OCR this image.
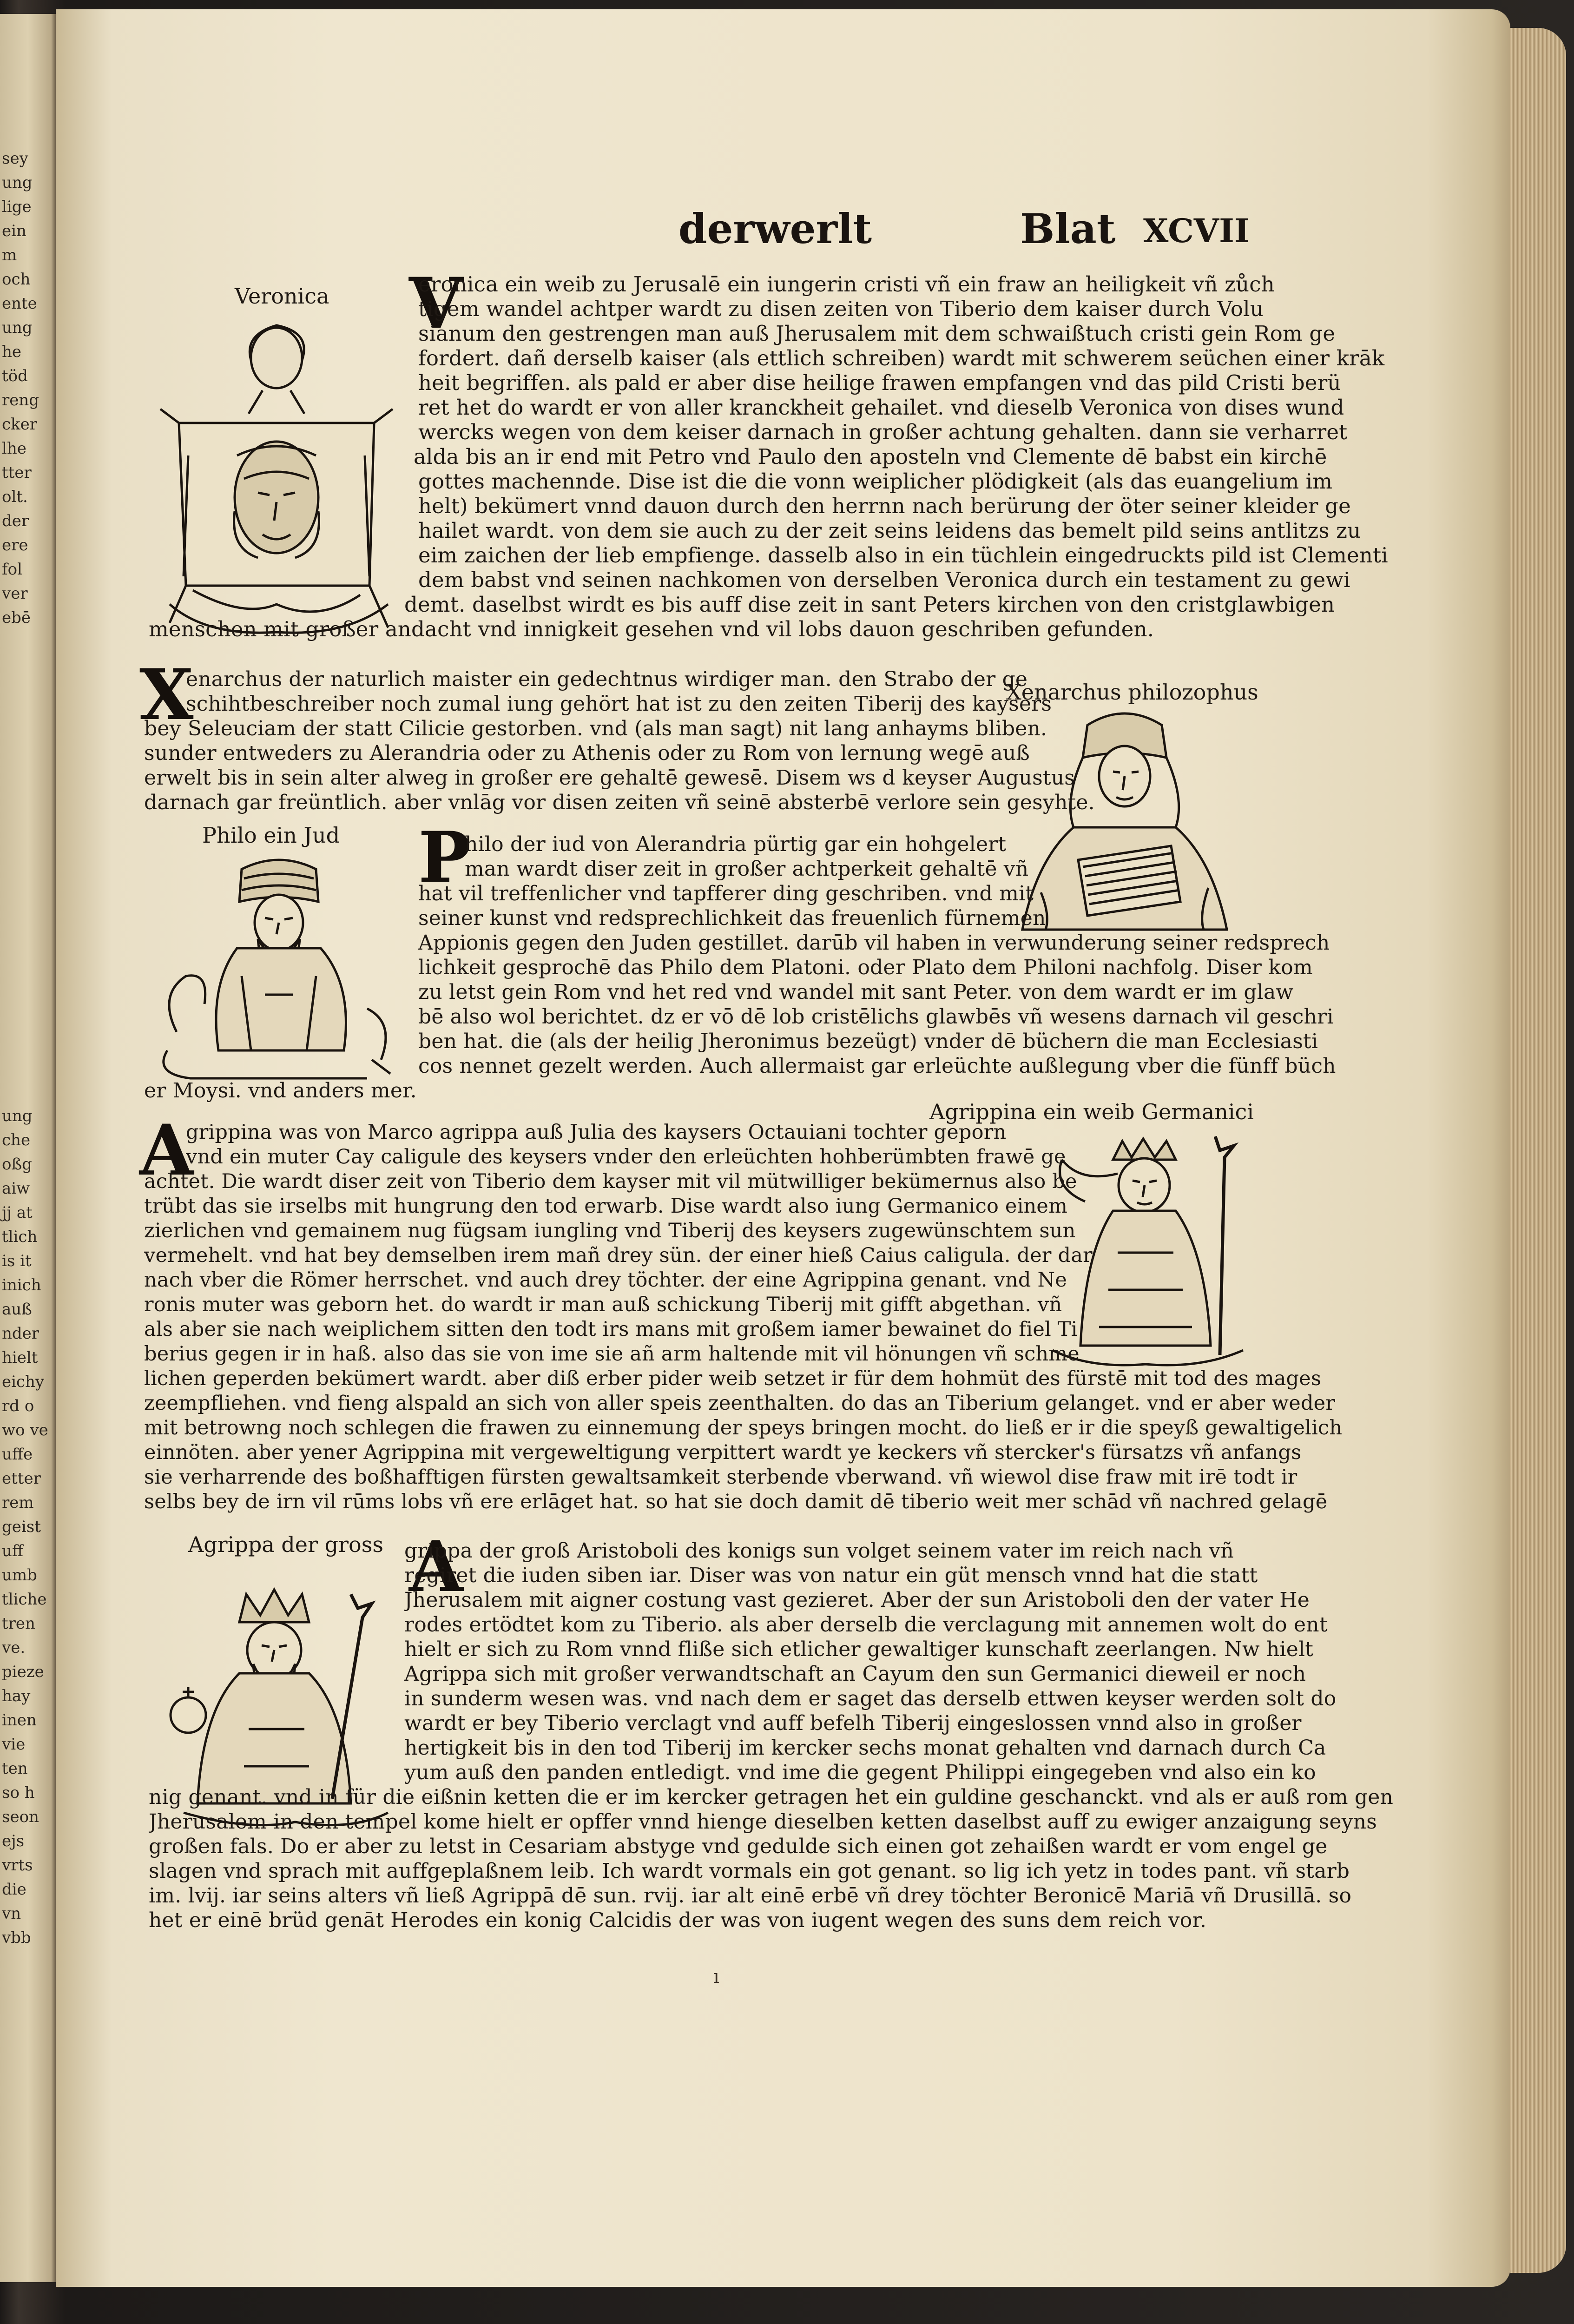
sey
ung
lige
ein
m
och
ente
ung
he
töd
reng
cker
lhe
tter
olt.
der
ere
fol
ver
ebē
ung
che
oßg
aiw
jj at
tlich
is it
inich
auß
nder
hielt
eichy
rd o
wo ve
uffe
etter
rem
geist
uff
umb
tliche
tren
ve.
pieze
hay
inen
vie
ten
so h
seon
ejs
vrts
die
vn
vbb
derwerlt	Blat XCVII
Veronica
Xenarchus philozophus
Philo ein Jud
Agrippina ein weib Germanici
Agrippa der gross
V
X
P
A
A
eronica ein weib zu Jerusalē ein iungerin cristi vñ ein fraw an heiligkeit vñ zůch
tigem wandel achtper wardt zu disen zeiten von Tiberio dem kaiser durch Volu
sianum den gestrengen man auß Jherusalem mit dem schwaißtuch cristi gein Rom ge
fordert. dañ derselb kaiser (als ettlich schreiben) wardt mit schwerem seüchen einer krāk
heit begriffen. als pald er aber dise heilige frawen empfangen vnd das pild Cristi berü
ret het do wardt er von aller kranckheit gehailet. vnd dieselb Veronica von dises wund
wercks wegen von dem keiser darnach in großer achtung gehalten. dann sie verharret
alda bis an ir end mit Petro vnd Paulo den aposteln vnd Clemente dē babst ein kirchē
gottes machennde. Dise ist die die vonn weiplicher plödigkeit (als das euangelium im
helt) bekümert vnnd dauon durch den herrnn nach berürung der öter seiner kleider ge
hailet wardt. von dem sie auch zu der zeit seins leidens das bemelt pild seins antlitzs zu
eim zaichen der lieb empfienge. dasselb also in ein tüchlein eingedruckts pild ist Clementi
dem babst vnd seinen nachkomen von derselben Veronica durch ein testament zu gewi
demt. daselbst wirdt es bis auff dise zeit in sant Peters kirchen von den cristglawbigen
menschen mit großer andacht vnd innigkeit gesehen vnd vil lobs dauon geschriben gefunden.
enarchus der naturlich maister ein gedechtnus wirdiger man. den Strabo der ge
schihtbeschreiber noch zumal iung gehört hat ist zu den zeiten Tiberij des kaysers
bey Seleuciam der statt Cilicie gestorben. vnd (als man sagt) nit lang anhayms bliben.
sunder entweders zu Alerandria oder zu Athenis oder zu Rom von lernung wegē auß
erwelt bis in sein alter alweg in großer ere gehaltē gewesē. Disem ws d keyser Augustus
darnach gar freüntlich. aber vnlāg vor disen zeiten vñ seinē absterbē verlore sein gesyhte.
hilo der iud von Alerandria pürtig gar ein hohgelert
man wardt diser zeit in großer achtperkeit gehaltē vñ
hat vil treffenlicher vnd tapfferer ding geschriben. vnd mit
seiner kunst vnd redsprechlichkeit das freuenlich fürnemen
Appionis gegen den Juden gestillet. darūb vil haben in verwunderung seiner redsprech
lichkeit gesprochē das Philo dem Platoni. oder Plato dem Philoni nachfolg. Diser kom
zu letst gein Rom vnd het red vnd wandel mit sant Peter. von dem wardt er im glaw
bē also wol berichtet. dz er vō dē lob cristēlichs glawbēs vñ wesens darnach vil geschri
ben hat. die (als der heilig Jheronimus bezeügt) vnder dē büchern die man Ecclesiasti
cos nennet gezelt werden. Auch allermaist gar erleüchte außlegung vber die fünff büch
er Moysi. vnd anders mer.
grippina was von Marco agrippa auß Julia des kaysers Octauiani tochter geporn
vnd ein muter Cay caligule des keysers vnder den erleüchten hohberümbten frawē ge
achtet. Die wardt diser zeit von Tiberio dem kayser mit vil mütwilliger bekümernus also be
trübt das sie irselbs mit hungrung den tod erwarb. Dise wardt also iung Germanico einem
zierlichen vnd gemainem nug fügsam iungling vnd Tiberij des keysers zugewünschtem sun
vermehelt. vnd hat bey demselben irem mañ drey sün. der einer hieß Caius caligula. der dar
nach vber die Römer herrschet. vnd auch drey töchter. der eine Agrippina genant. vnd Ne
ronis muter was geborn het. do wardt ir man auß schickung Tiberij mit gifft abgethan. vñ
als aber sie nach weiplichem sitten den todt irs mans mit großem iamer bewainet do fiel Ti
berius gegen ir in haß. also das sie von ime sie añ arm haltende mit vil hönungen vñ schme
lichen geperden bekümert wardt. aber diß erber pider weib setzet ir für dem hohmüt des fürstē mit tod des mages
zeempfliehen. vnd fieng alspald an sich von aller speis zeenthalten. do das an Tiberium gelanget. vnd er aber weder
mit betrowng noch schlegen die frawen zu einnemung der speys bringen mocht. do ließ er ir die speyß gewaltigelich
einnöten. aber yener Agrippina mit vergeweltigung verpittert wardt ye keckers vñ stercker's fürsatzs vñ anfangs
sie verharrende des boßhafftigen fürsten gewaltsamkeit sterbende vberwand. vñ wiewol dise fraw mit irē todt ir
selbs bey de irn vil rūms lobs vñ ere erlāget hat. so hat sie doch damit dē tiberio weit mer schād vñ nachred gelagē
grippa der groß Aristoboli des konigs sun volget seinem vater im reich nach vñ
regiret die iuden siben iar. Diser was von natur ein güt mensch vnnd hat die statt
Jherusalem mit aigner costung vast gezieret. Aber der sun Aristoboli den der vater He
rodes ertödtet kom zu Tiberio. als aber derselb die verclagung mit annemen wolt do ent
hielt er sich zu Rom vnnd fliße sich etlicher gewaltiger kunschaft zeerlangen. Nw hielt
Agrippa sich mit großer verwandtschaft an Cayum den sun Germanici dieweil er noch
in sunderm wesen was. vnd nach dem er saget das derselb ettwen keyser werden solt do
wardt er bey Tiberio verclagt vnd auff befelh Tiberij eingeslossen vnnd also in großer
hertigkeit bis in den tod Tiberij im kercker sechs monat gehalten vnd darnach durch Ca
yum auß den panden entledigt. vnd ime die gegent Philippi eingegeben vnd also ein ko
nig genant. vnd in für die eißnin ketten die er im kercker getragen het ein guldine geschanckt. vnd als er auß rom gen
Jherusalem in den tempel kome hielt er opffer vnnd hienge dieselben ketten daselbst auff zu ewiger anzaigung seyns
großen fals. Do er aber zu letst in Cesariam abstyge vnd gedulde sich einen got zehaißen wardt er vom engel ge
slagen vnd sprach mit auffgeplaßnem leib. Ich wardt vormals ein got genant. so lig ich yetz in todes pant. vñ starb
im. lvij. iar seins alters vñ ließ Agrippā dē sun. rvij. iar alt einē erbē vñ drey töchter Beronicē Mariā vñ Drusillā. so
het er einē brüd genāt Herodes ein konig Calcidis der was von iugent wegen des suns dem reich vor.
ı
